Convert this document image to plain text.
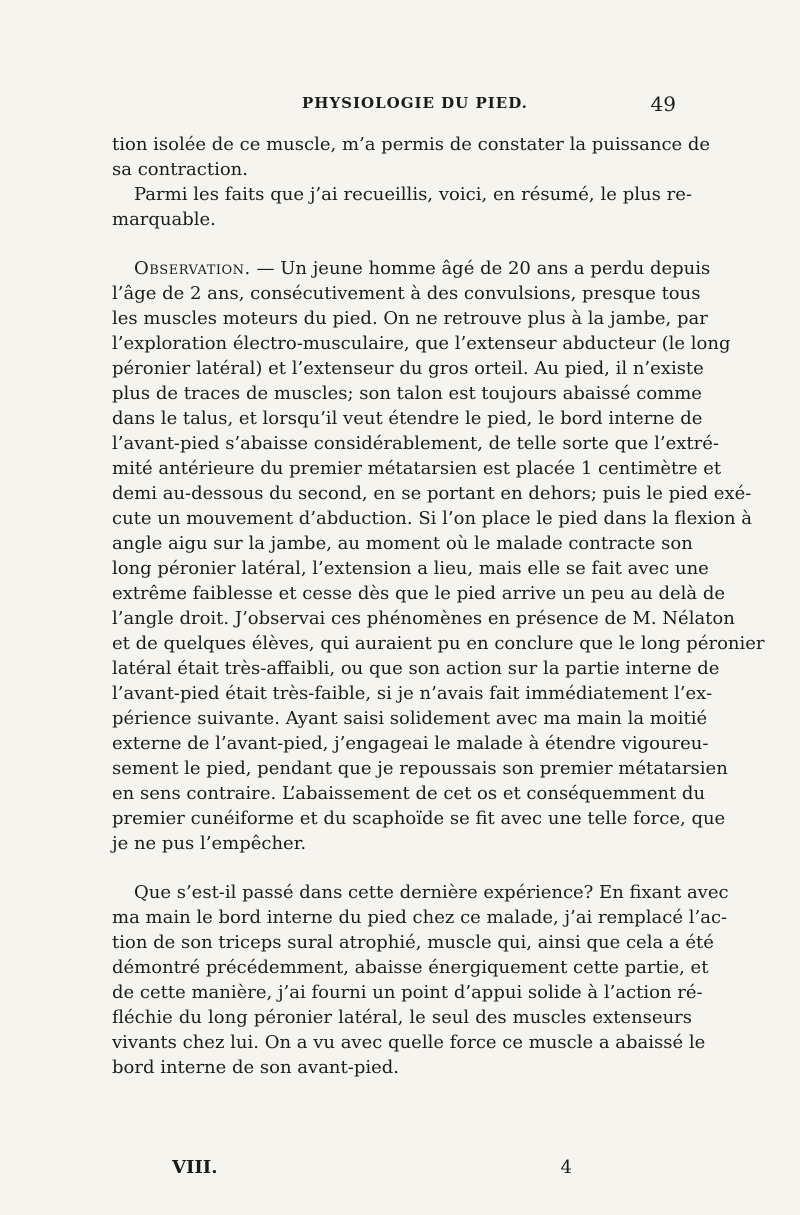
PHYSIOLOGIE DU PIED.	49
tion isolée de ce muscle, m’a permis de constater la puissance de
sa contraction.
Parmi les faits que j’ai recueillis, voici, en résumé, le plus re-
marquable.
Observation. — Un jeune homme âgé de 20 ans a perdu depuis
l’âge de 2 ans, consécutivement à des convulsions, presque tous
les muscles moteurs du pied. On ne retrouve plus à la jambe, par
l’exploration électro-musculaire, que l’extenseur abducteur (le long
péronier latéral) et l’extenseur du gros orteil. Au pied, il n’existe
plus de traces de muscles; son talon est toujours abaissé comme
dans le talus, et lorsqu’il veut étendre le pied, le bord interne de
l’avant-pied s’abaisse considérablement, de telle sorte que l’extré-
mité antérieure du premier métatarsien est placée 1 centimètre et
demi au-dessous du second, en se portant en dehors; puis le pied exé-
cute un mouvement d’abduction. Si l’on place le pied dans la flexion à
angle aigu sur la jambe, au moment où le malade contracte son
long péronier latéral, l’extension a lieu, mais elle se fait avec une
extrême faiblesse et cesse dès que le pied arrive un peu au delà de
l’angle droit. J’observai ces phénomènes en présence de M. Nélaton
et de quelques élèves, qui auraient pu en conclure que le long péronier
latéral était très-affaibli, ou que son action sur la partie interne de
l’avant-pied était très-faible, si je n’avais fait immédiatement l’ex-
périence suivante. Ayant saisi solidement avec ma main la moitié
externe de l’avant-pied, j’engageai le malade à étendre vigoureu-
sement le pied, pendant que je repoussais son premier métatarsien
en sens contraire. L’abaissement de cet os et conséquemment du
premier cunéiforme et du scaphoïde se fit avec une telle force, que
je ne pus l’empêcher.
Que s’est-il passé dans cette dernière expérience? En fixant avec
ma main le bord interne du pied chez ce malade, j’ai remplacé l’ac-
tion de son triceps sural atrophié, muscle qui, ainsi que cela a été
démontré précédemment, abaisse énergiquement cette partie, et
de cette manière, j’ai fourni un point d’appui solide à l’action ré-
fléchie du long péronier latéral, le seul des muscles extenseurs
vivants chez lui. On a vu avec quelle force ce muscle a abaissé le
bord interne de son avant-pied.
VIII.	4
